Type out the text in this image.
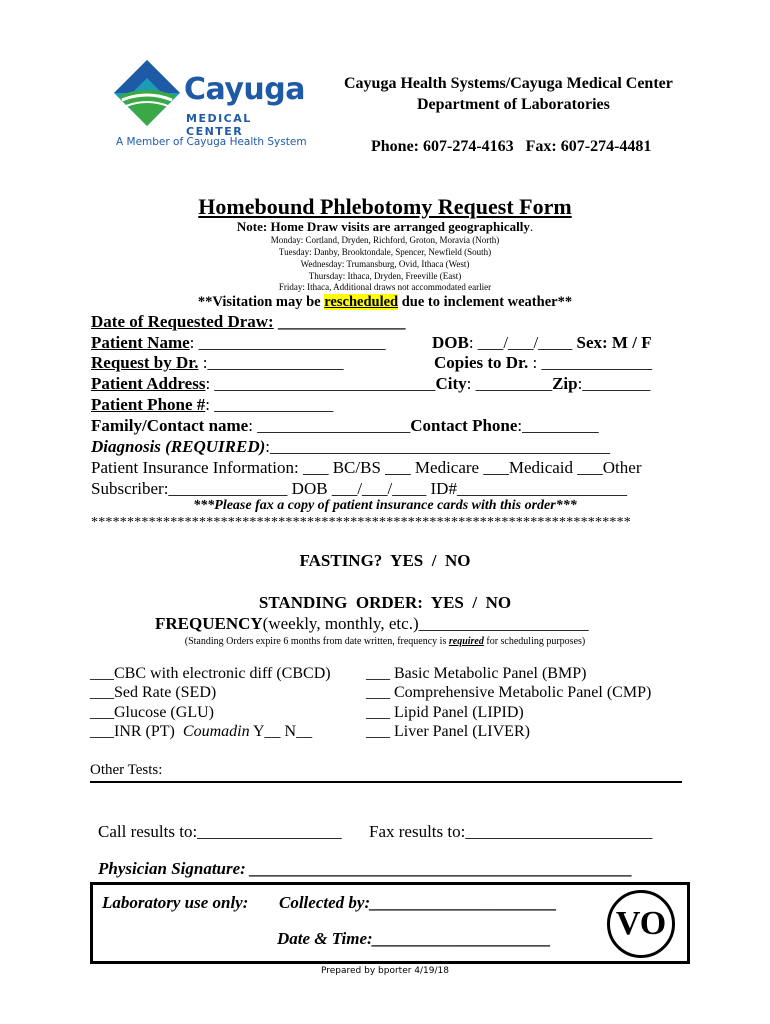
Cayuga
MEDICAL CENTER
A Member of Cayuga Health System
Cayuga Health Systems/Cayuga Medical Center
Department of Laboratories
Phone: 607-274-4163   Fax: 607-274-4481
Homebound Phlebotomy Request Form
Note: Home Draw visits are arranged geographically.
Monday: Cortland, Dryden, Richford, Groton, Moravia (North)
Tuesday: Danby, Brooktondale, Spencer, Newfield (South)
Wednesday: Trumansburg, Ovid, Ithaca (West)
Thursday: Ithaca, Dryden, Freeville (East)
Friday: Ithaca, Additional draws not accommodated earlier
**Visitation may be rescheduled due to inclement weather**
Date of Requested Draw: _______________
Patient Name: ______________________	DOB: ___/___/____ Sex: M / F
Request by Dr. :________________	Copies to Dr. : _____________
Patient Address: __________________________City: _________Zip:________
Patient Phone #: ______________
Family/Contact name: __________________Contact Phone:_________
Diagnosis (REQUIRED):________________________________________
Patient Insurance Information: ___ BC/BS ___ Medicare ___Medicaid ___Other
Subscriber:______________ DOB ___/___/____ ID#____________________
***Please fax a copy of patient insurance cards with this order***
***************************************************************************
FASTING?  YES  /  NO
STANDING  ORDER:  YES  /  NO
FREQUENCY(weekly, monthly, etc.)____________________
(Standing Orders expire 6 months from date written, frequency is required for scheduling purposes)
___CBC with electronic diff (CBCD)
___Sed Rate (SED)
___Glucose (GLU)
___INR (PT)  Coumadin Y__ N__
___ Basic Metabolic Panel (BMP)
___ Comprehensive Metabolic Panel (CMP)
___ Lipid Panel (LIPID)
___ Liver Panel (LIVER)
Other Tests:
Call results to:_________________ Fax results to:______________________
Physician Signature: _____________________________________________
Laboratory use only: Collected by:______________________
Date & Time:_____________________ VO
Prepared by bporter 4/19/18
